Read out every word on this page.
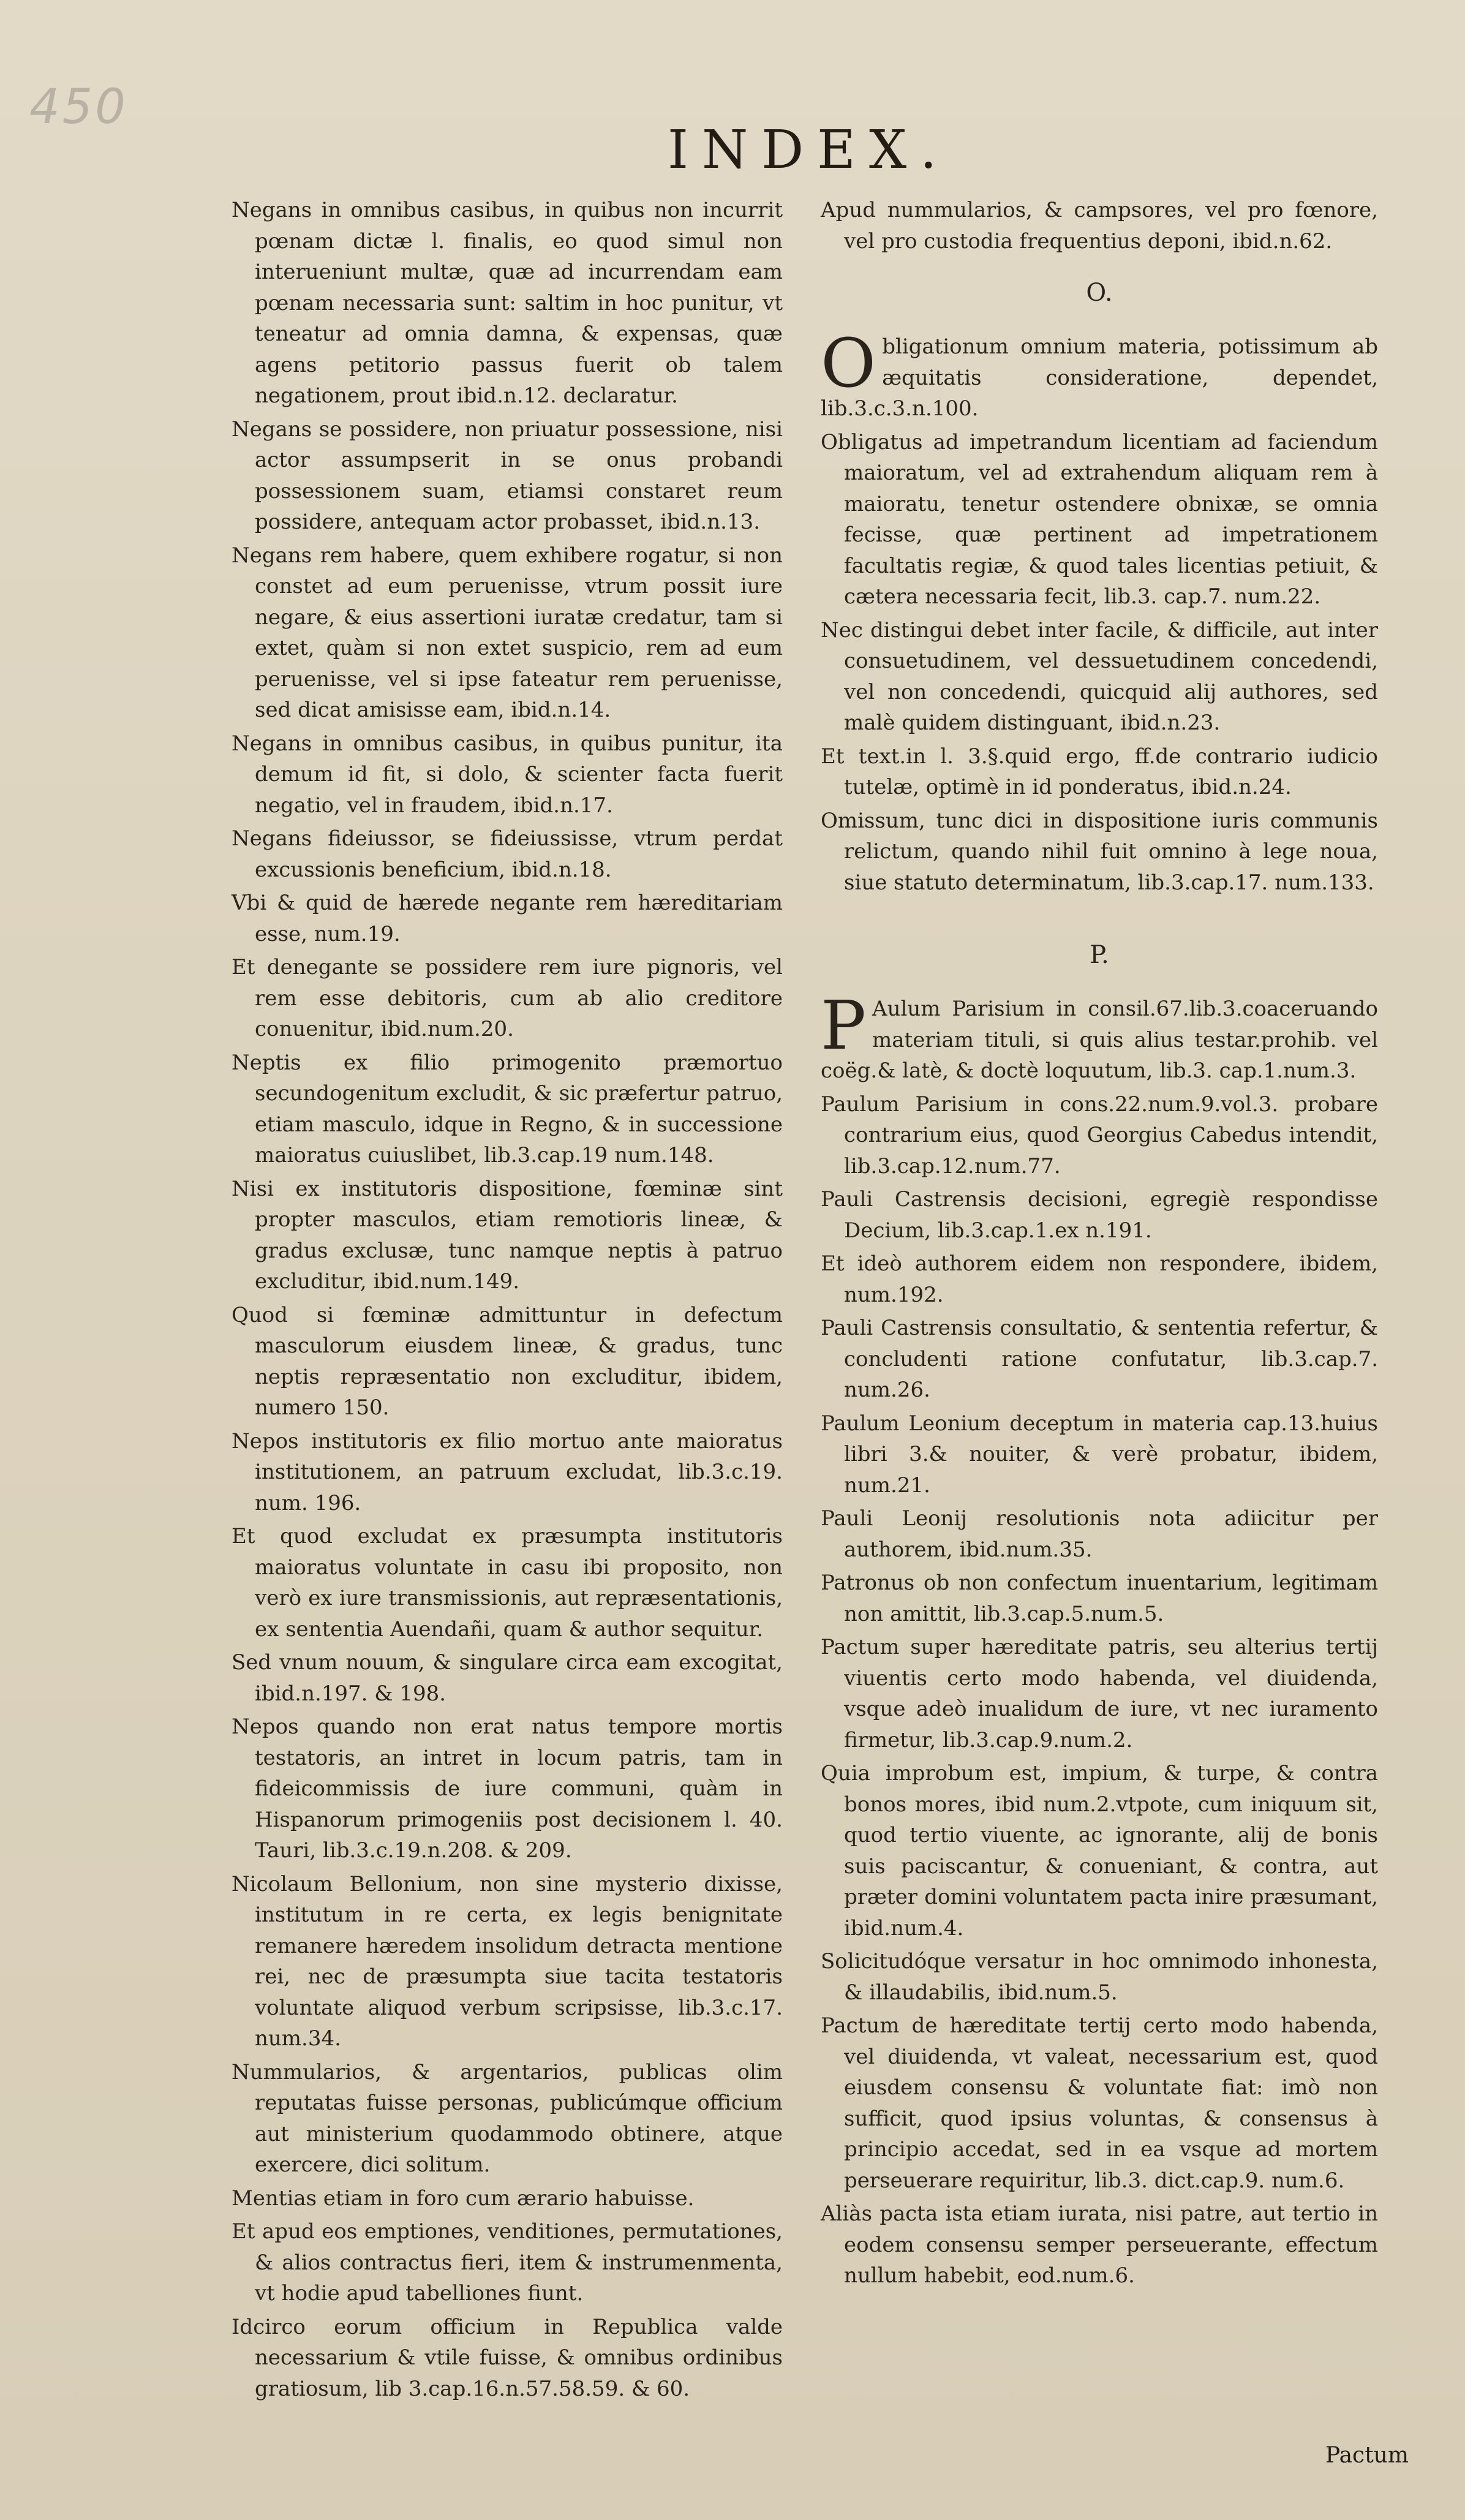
450
INDEX.

Negans in omnibus casibus, in quibus non incurrit pœnam dictæ l. finalis, eo quod simul non interueniunt multæ, quæ ad incurrendam eam pœnam necessaria sunt: saltim in hoc punitur, vt teneatur ad omnia damna, & expensas, quæ agens petitorio passus fuerit ob talem negationem, prout ibid.n.12. declaratur.

Negans se possidere, non priuatur possessione, nisi actor assumpserit in se onus probandi possessionem suam, etiamsi constaret reum possidere, antequam actor probasset, ibid.n.13.

Negans rem habere, quem exhibere rogatur, si non constet ad eum peruenisse, vtrum possit iure negare, & eius assertioni iuratæ credatur, tam si extet, quàm si non extet suspicio, rem ad eum peruenisse, vel si ipse fateatur rem peruenisse, sed dicat amisisse eam, ibid.n.14.

Negans in omnibus casibus, in quibus punitur, ita demum id fit, si dolo, & scienter facta fuerit negatio, vel in fraudem, ibid.n.17.

Negans fideiussor, se fideiussisse, vtrum perdat excussionis beneficium, ibid.n.18.

Vbi & quid de hærede negante rem hæreditariam esse, num.19.

Et denegante se possidere rem iure pignoris, vel rem esse debitoris, cum ab alio creditore conuenitur, ibid.num.20.

Neptis ex filio primogenito præmortuo secundogenitum excludit, & sic præfertur patruo, etiam masculo, idque in Regno, & in successione maioratus cuiuslibet, lib.3.cap.19 num.148.

Nisi ex institutoris dispositione, fœminæ sint propter masculos, etiam remotioris lineæ, & gradus exclusæ, tunc namque neptis à patruo excluditur, ibid.num.149.

Quod si fœminæ admittuntur in defectum masculorum eiusdem lineæ, & gradus, tunc neptis repræsentatio non excluditur, ibidem, numero 150.

Nepos institutoris ex filio mortuo ante maioratus institutionem, an patruum excludat, lib.3.c.19. num. 196.

Et quod excludat ex præsumpta institutoris maioratus voluntate in casu ibi proposito, non verò ex iure transmissionis, aut repræsentationis, ex sententia Auendañi, quam & author sequitur.

Sed vnum nouum, & singulare circa eam excogitat, ibid.n.197. & 198.

Nepos quando non erat natus tempore mortis testatoris, an intret in locum patris, tam in fideicommissis de iure communi, quàm in Hispanorum primogeniis post decisionem l. 40. Tauri, lib.3.c.19.n.208. & 209.

Nicolaum Bellonium, non sine mysterio dixisse, institutum in re certa, ex legis benignitate remanere hæredem insolidum detracta mentione rei, nec de præsumpta siue tacita testatoris voluntate aliquod verbum scripsisse, lib.3.c.17. num.34.

Nummularios, & argentarios, publicas olim reputatas fuisse personas, publicúmque officium aut ministerium quodammodo obtinere, atque exercere, dici solitum.

Mentias etiam in foro cum ærario habuisse.

Et apud eos emptiones, venditiones, permutationes, & alios contractus fieri, item & instrumenmenta, vt hodie apud tabelliones fiunt.

Idcirco eorum officium in Republica valde necessarium & vtile fuisse, & omnibus ordinibus gratiosum, lib 3.cap.16.n.57.58.59. & 60.

Apud nummularios, & campsores, vel pro fœnore, vel pro custodia frequentius deponi, ibid.n.62.

O.

Obligationum omnium materia, potissimum ab æquitatis consideratione, dependet, lib.3.c.3.n.100.

Obligatus ad impetrandum licentiam ad faciendum maioratum, vel ad extrahendum aliquam rem à maioratu, tenetur ostendere obnixæ, se omnia fecisse, quæ pertinent ad impetrationem facultatis regiæ, & quod tales licentias petiuit, & cætera necessaria fecit, lib.3. cap.7. num.22.

Nec distingui debet inter facile, & difficile, aut inter consuetudinem, vel dessuetudinem concedendi, vel non concedendi, quicquid alij authores, sed malè quidem distinguant, ibid.n.23.

Et text.in l. 3.§.quid ergo, ff.de contrario iudicio tutelæ, optimè in id ponderatus, ibid.n.24.

Omissum, tunc dici in dispositione iuris communis relictum, quando nihil fuit omnino à lege noua, siue statuto determinatum, lib.3.cap.17. num.133.

P.

P Aulum Parisium in consil.67.lib.3.coaceruando materiam tituli, si quis alius testar.prohib. vel coëg.& latè, & doctè loquutum, lib.3. cap.1.num.3.

Paulum Parisium in cons.22.num.9.vol.3. probare contrarium eius, quod Georgius Cabedus intendit, lib.3.cap.12.num.77.

Pauli Castrensis decisioni, egregiè respondisse Decium, lib.3.cap.1.ex n.191.

Et ideò authorem eidem non respondere, ibidem, num.192.

Pauli Castrensis consultatio, & sententia refertur, & concludenti ratione confutatur, lib.3.cap.7. num.26.

Paulum Leonium deceptum in materia cap.13.huius libri 3.& nouiter, & verè probatur, ibidem, num.21.

Pauli Leonij resolutionis nota adiicitur per authorem, ibid.num.35.

Patronus ob non confectum inuentarium, legitimam non amittit, lib.3.cap.5.num.5.

Pactum super hæreditate patris, seu alterius tertij viuentis certo modo habenda, vel diuidenda, vsque adeò inualidum de iure, vt nec iuramento firmetur, lib.3.cap.9.num.2.

Quia improbum est, impium, & turpe, & contra bonos mores, ibid num.2.vtpote, cum iniquum sit, quod tertio viuente, ac ignorante, alij de bonis suis paciscantur, & conueniant, & contra, aut præter domini voluntatem pacta inire præsumant, ibid.num.4.

Solicitudóque versatur in hoc omnimodo inhonesta, & illaudabilis, ibid.num.5.

Pactum de hæreditate tertij certo modo habenda, vel diuidenda, vt valeat, necessarium est, quod eiusdem consensu & voluntate fiat: imò non sufficit, quod ipsius voluntas, & consensus à principio accedat, sed in ea vsque ad mortem perseuerare requiritur, lib.3. dict.cap.9. num.6.

Aliàs pacta ista etiam iurata, nisi patre, aut tertio in eodem consensu semper perseuerante, effectum nullum habebit, eod.num.6.

Pactum
